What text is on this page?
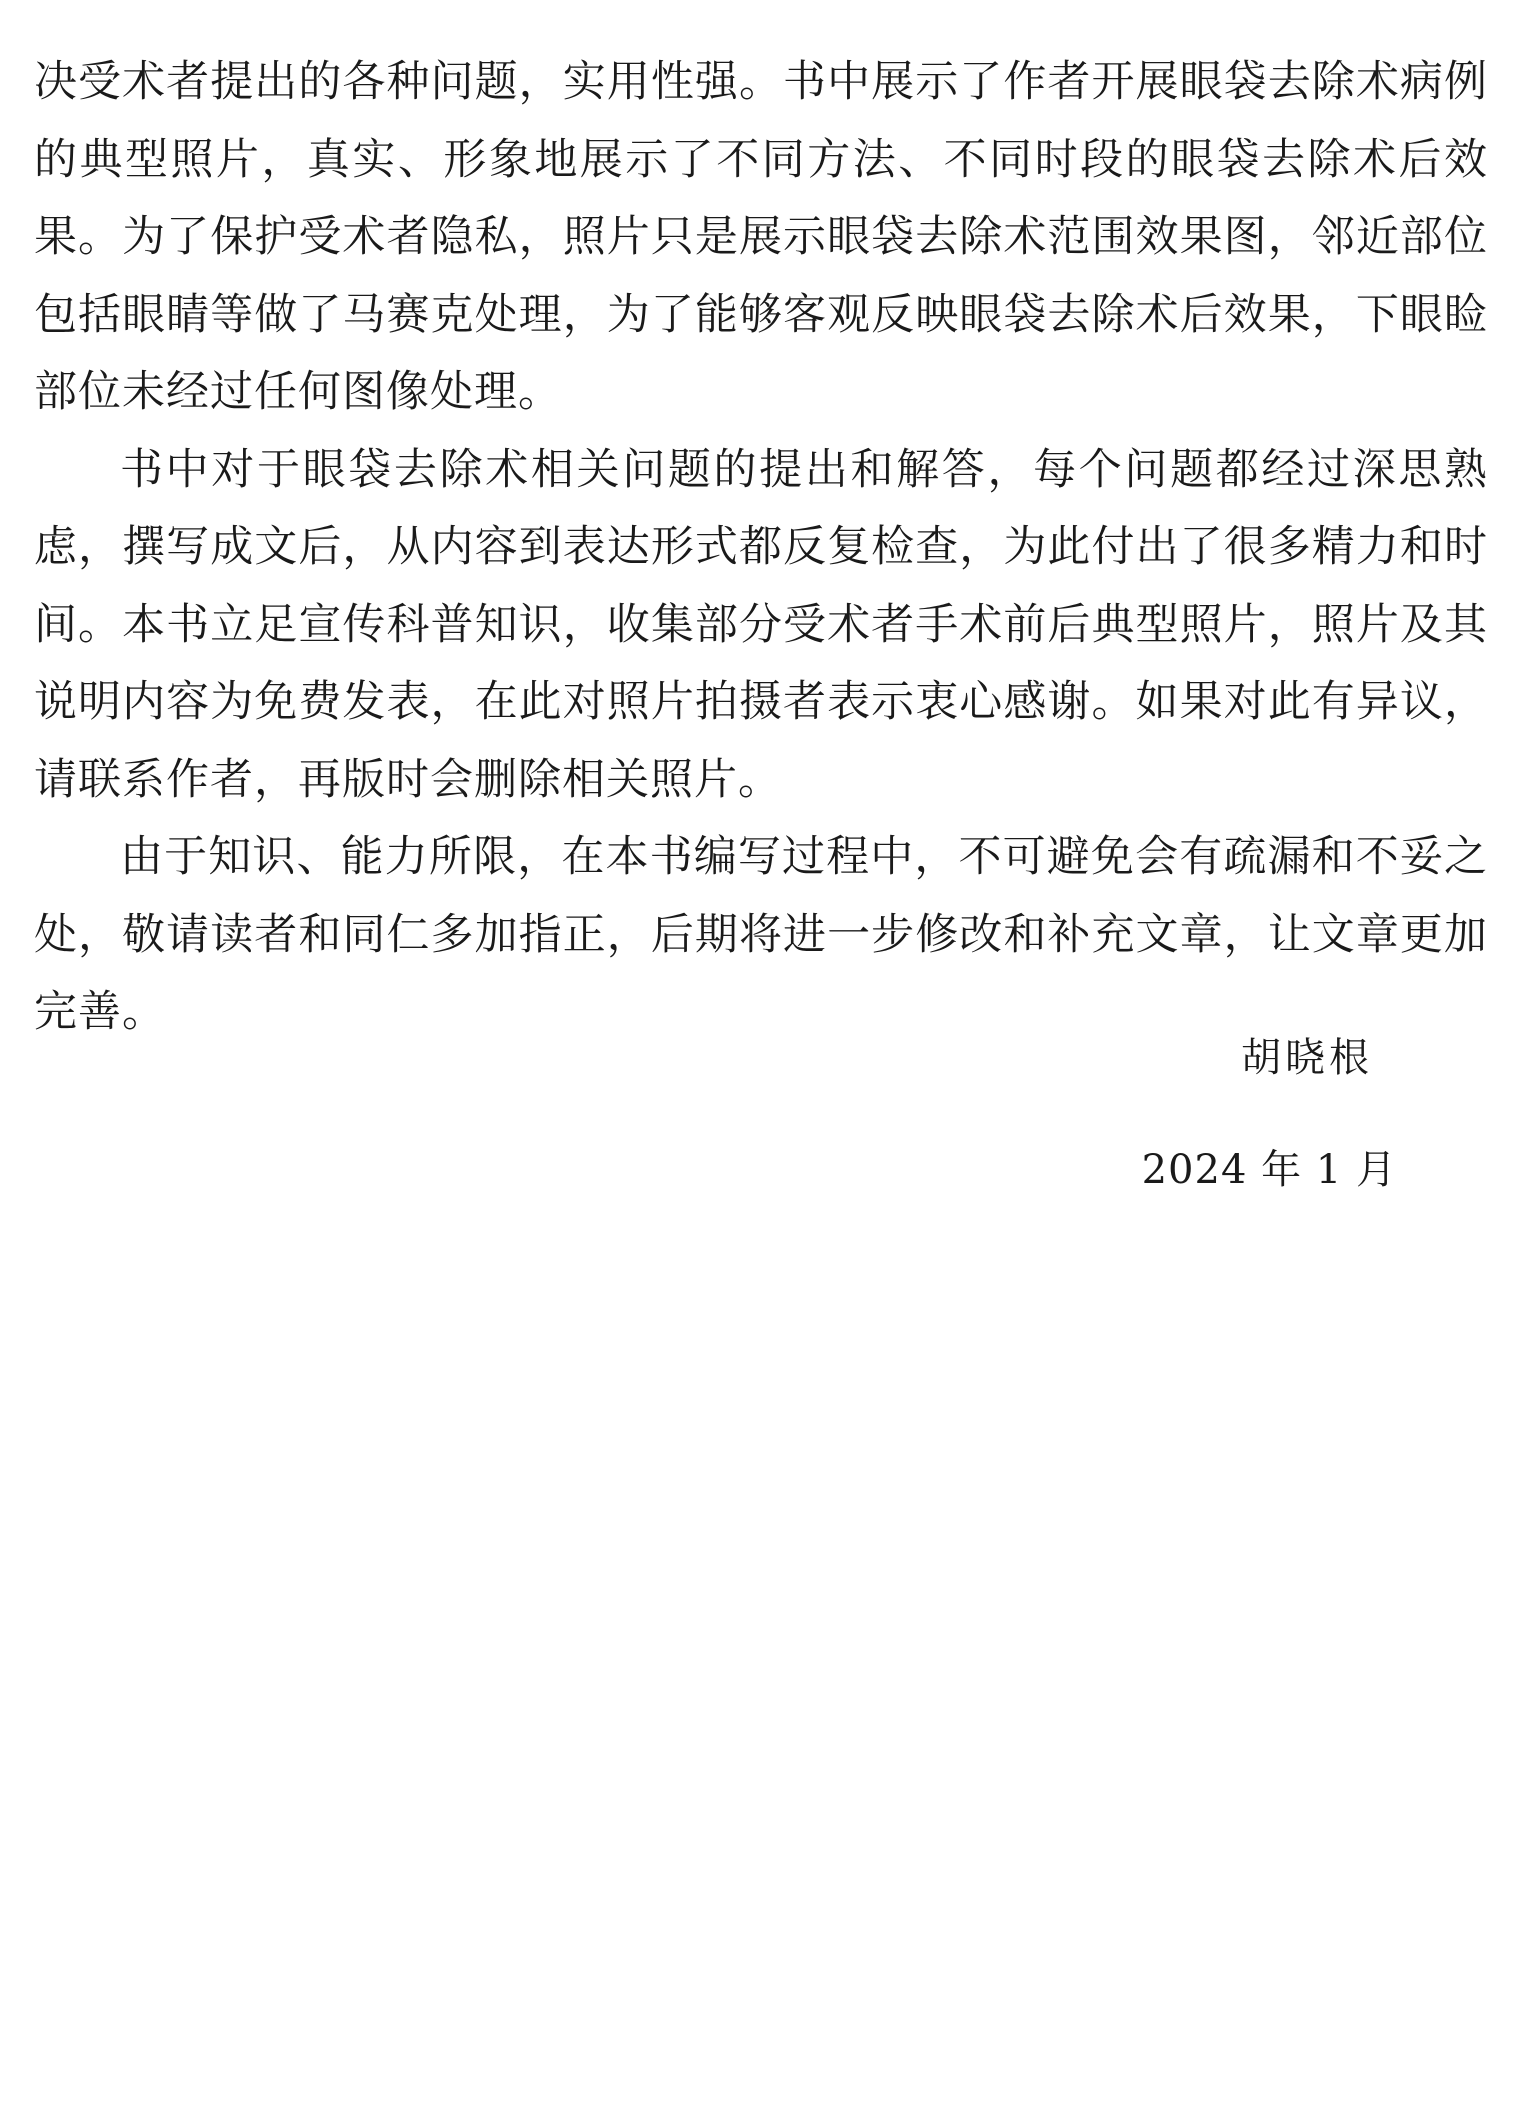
决受术者提出的各种问题，实用性强。书中展示了作者开展眼袋去除术病例的典型照片，真实、形象地展示了不同方法、不同时段的眼袋去除术后效果。为了保护受术者隐私，照片只是展示眼袋去除术范围效果图，邻近部位包括眼睛等做了马赛克处理，为了能够客观反映眼袋去除术后效果，下眼睑部位未经过任何图像处理。

书中对于眼袋去除术相关问题的提出和解答，每个问题都经过深思熟虑，撰写成文后，从内容到表达形式都反复检查，为此付出了很多精力和时间。本书立足宣传科普知识，收集部分受术者手术前后典型照片，照片及其说明内容为免费发表，在此对照片拍摄者表示衷心感谢。如果对此有异议，请联系作者，再版时会删除相关照片。

由于知识、能力所限，在本书编写过程中，不可避免会有疏漏和不妥之处，敬请读者和同仁多加指正，后期将进一步修改和补充文章，让文章更加完善。

胡晓根
2024 年 1 月
